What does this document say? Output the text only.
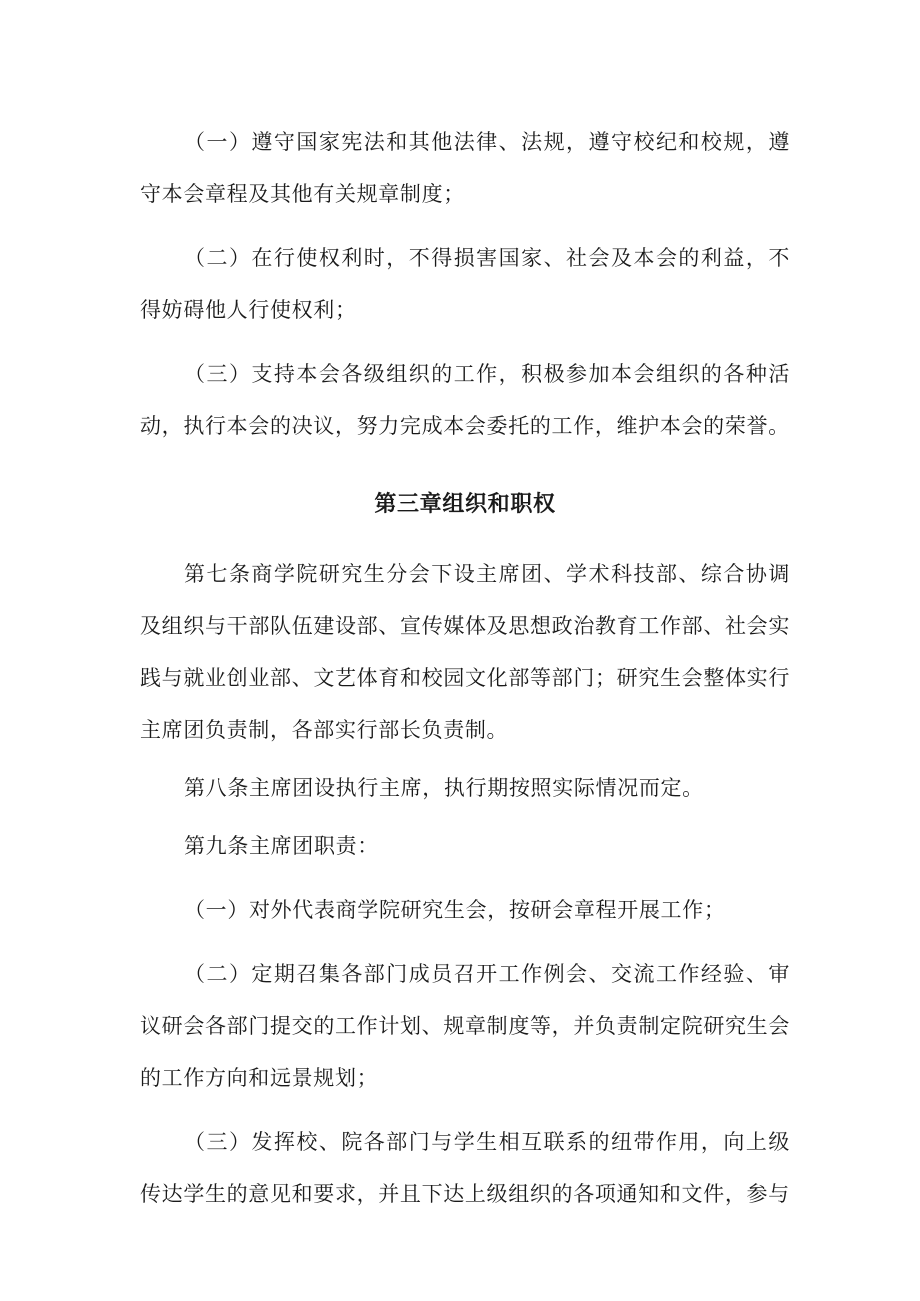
（一）遵守国家宪法和其他法律、法规，遵守校纪和校规，遵守本会章程及其他有关规章制度；

（二）在行使权利时，不得损害国家、社会及本会的利益，不得妨碍他人行使权利；

（三）支持本会各级组织的工作，积极参加本会组织的各种活动，执行本会的决议，努力完成本会委托的工作，维护本会的荣誉。

第三章组织和职权

第七条商学院研究生分会下设主席团、学术科技部、综合协调及组织与干部队伍建设部、宣传媒体及思想政治教育工作部、社会实践与就业创业部、文艺体育和校园文化部等部门；研究生会整体实行主席团负责制，各部实行部长负责制。

第八条主席团设执行主席，执行期按照实际情况而定。

第九条主席团职责：

（一）对外代表商学院研究生会，按研会章程开展工作；

（二）定期召集各部门成员召开工作例会、交流工作经验、审议研会各部门提交的工作计划、规章制度等，并负责制定院研究生会的工作方向和远景规划；

（三）发挥校、院各部门与学生相互联系的纽带作用，向上级传达学生的意见和要求，并且下达上级组织的各项通知和文件，参与
